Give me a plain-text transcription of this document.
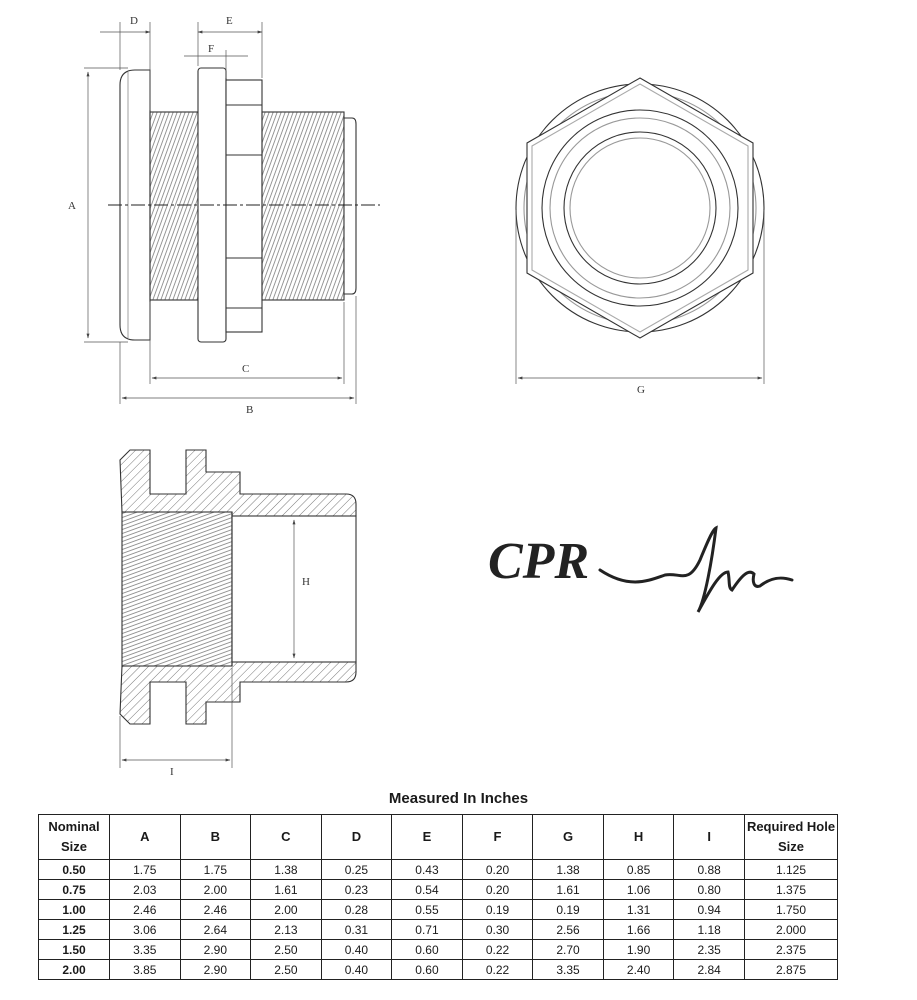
A
D	E
F
C
B
G
H
I
CPR
Measured In Inches
Nominal Size	A	B	C	D	E	F	G	H	I	Required Hole Size
0.50	1.75	1.75	1.38	0.25	0.43	0.20	1.38	0.85	0.88	1.125
0.75	2.03	2.00	1.61	0.23	0.54	0.20	1.61	1.06	0.80	1.375
1.00	2.46	2.46	2.00	0.28	0.55	0.19	0.19	1.31	0.94	1.750
1.25	3.06	2.64	2.13	0.31	0.71	0.30	2.56	1.66	1.18	2.000
1.50	3.35	2.90	2.50	0.40	0.60	0.22	2.70	1.90	2.35	2.375
2.00	3.85	2.90	2.50	0.40	0.60	0.22	3.35	2.40	2.84	2.875
